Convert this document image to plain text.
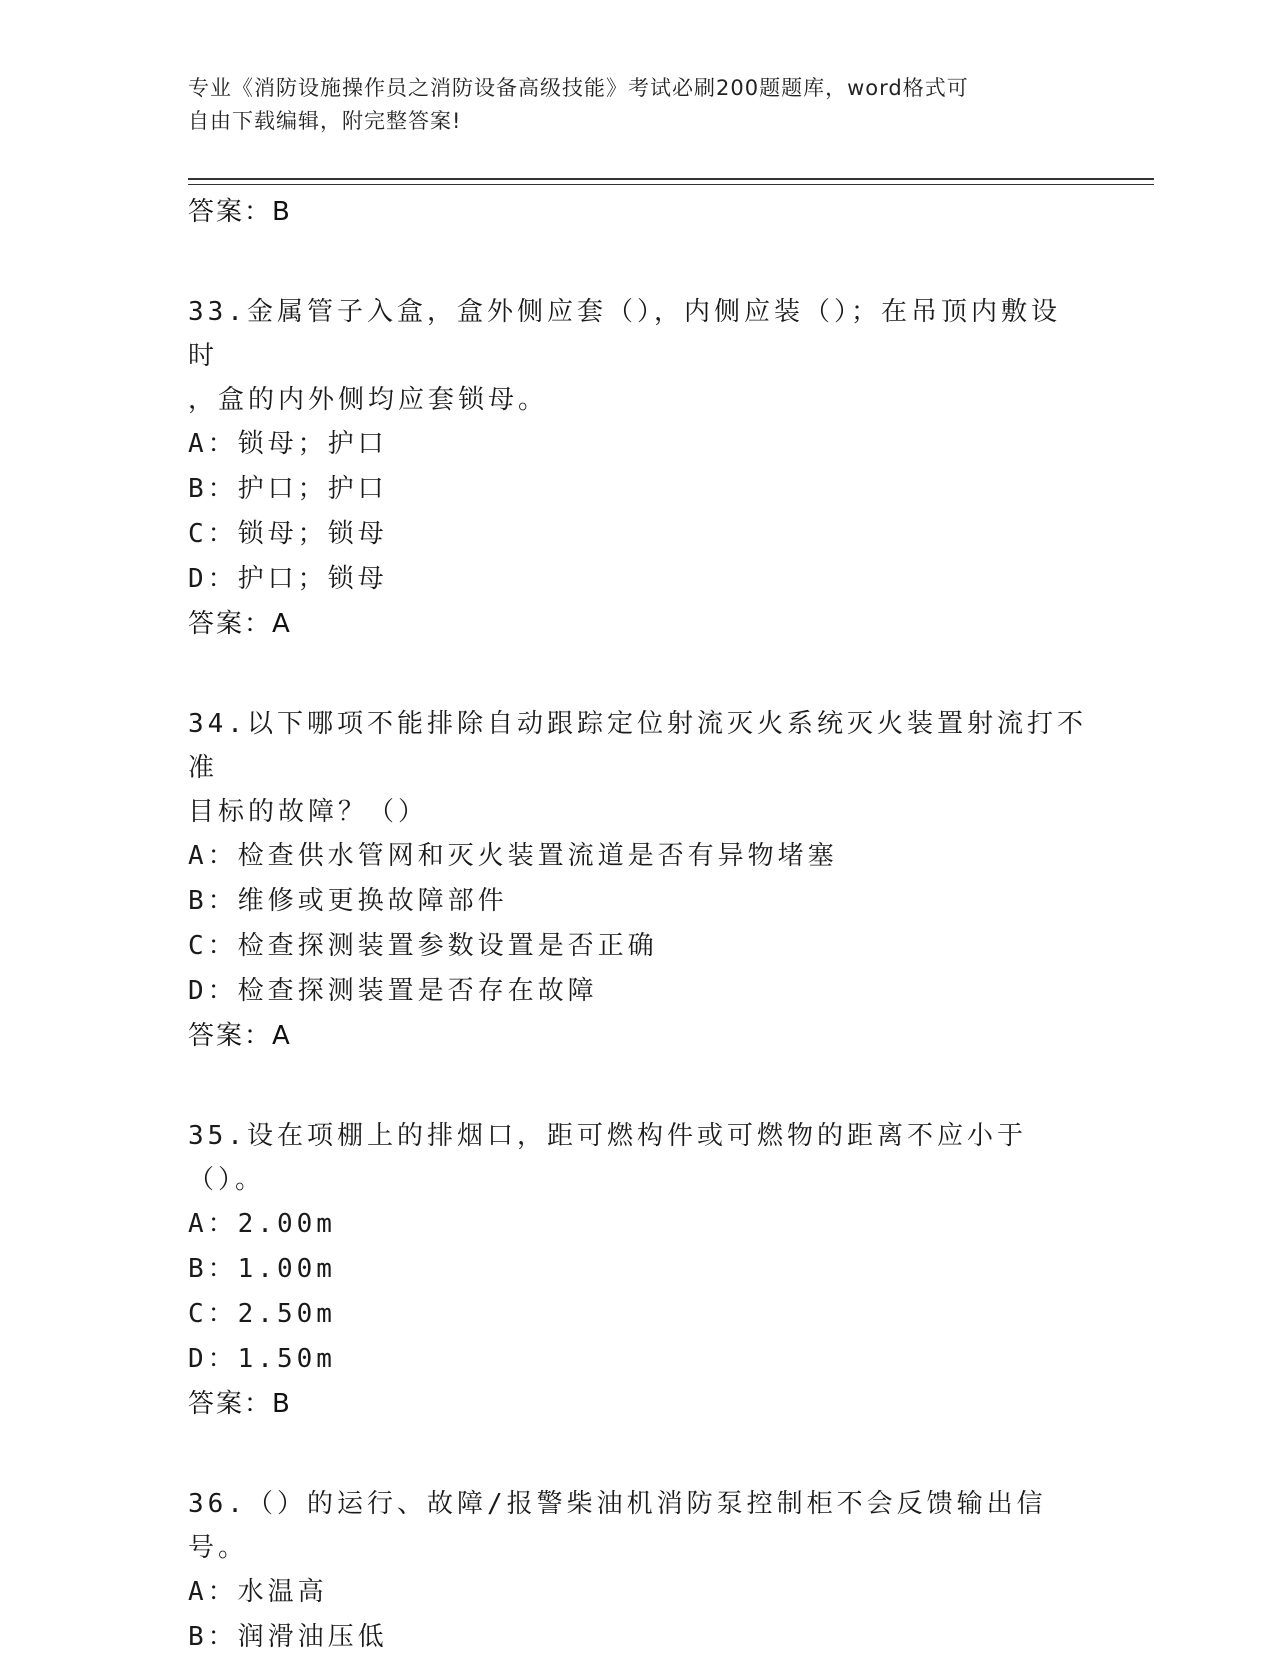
专业《消防设施操作员之消防设备高级技能》考试必刷200题题库，word格式可
自由下载编辑，附完整答案!
答案：B
33.金属管子入盒，盒外侧应套（），内侧应装（）；在吊顶内敷设时
，盒的内外侧均应套锁母。
A：锁母；护口
B：护口；护口
C：锁母；锁母
D：护口；锁母
答案：A
34.以下哪项不能排除自动跟踪定位射流灭火系统灭火装置射流打不准
目标的故障？（）
A：检查供水管网和灭火装置流道是否有异物堵塞
B：维修或更换故障部件
C：检查探测装置参数设置是否正确
D：检查探测装置是否存在故障
答案：A
35.设在项棚上的排烟口，距可燃构件或可燃物的距离不应小于（）。
A：2.00m
B：1.00m
C：2.50m
D：1.50m
答案：B
36.（）的运行、故障/报警柴油机消防泵控制柜不会反馈输出信号。
A：水温高
B：润滑油压低
